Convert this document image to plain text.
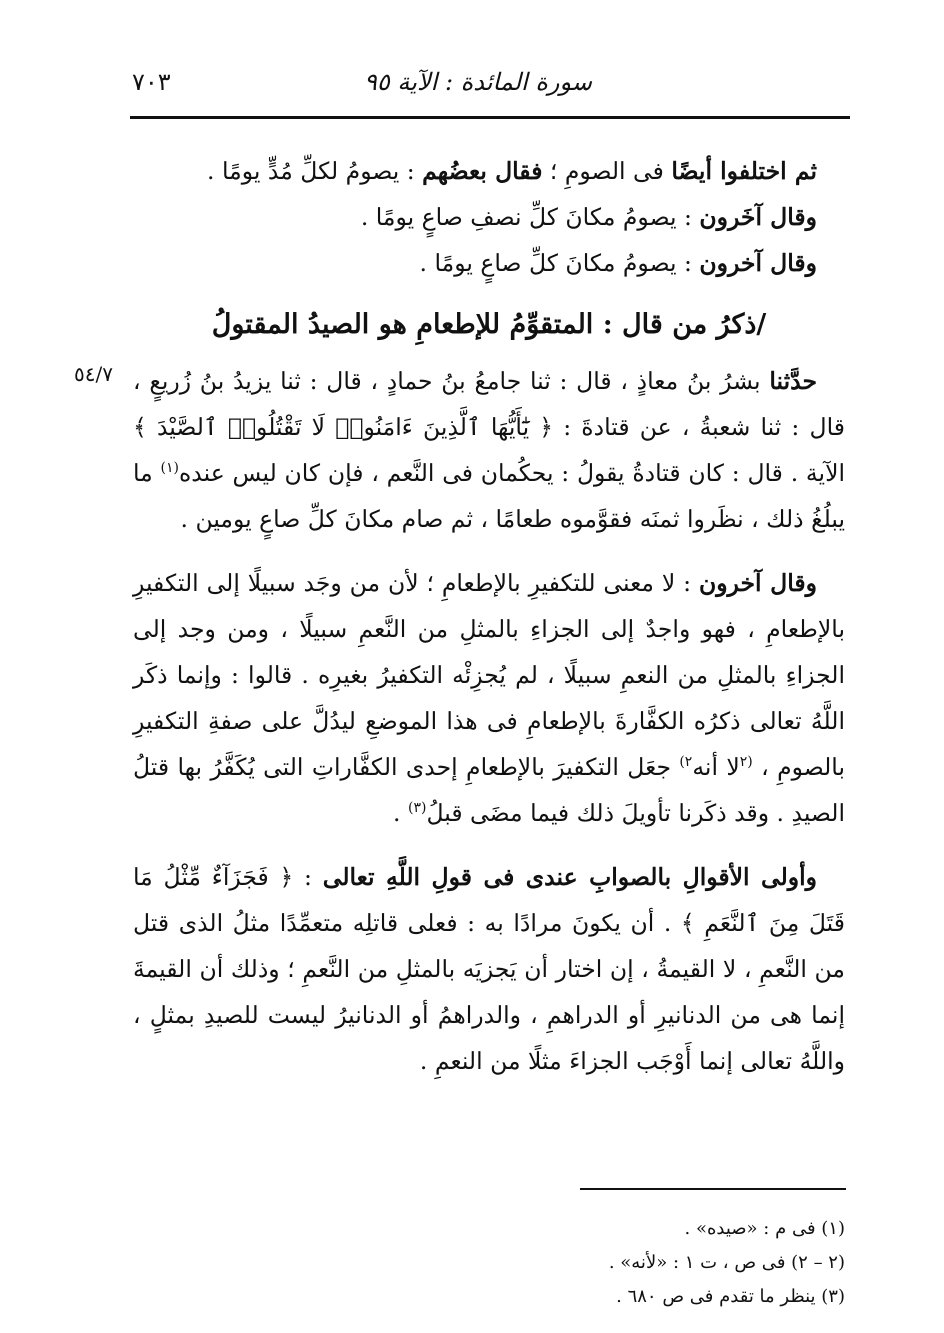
سورة المائدة : الآية ٩٥
٧٠٣
٥٤/٧

ثم اختلفوا أيضًا فى الصومِ ؛ فقال بعضُهم : يصومُ لكلِّ مُدٍّ يومًا .

وقال آخَرون : يصومُ مكانَ كلِّ نصفِ صاعٍ يومًا .

وقال آخرون : يصومُ مكانَ كلِّ صاعٍ يومًا .

/ذكرُ من قال : المتقوِّمُ للإطعامِ هو الصيدُ المقتولُ

حدَّثنا بشرُ بنُ معاذٍ ، قال : ثنا جامعُ بنُ حمادٍ ، قال : ثنا يزيدُ بنُ زُريعٍ ، قال : ثنا شعبةُ ، عن قتادةَ : ﴿ يَٰٓأَيُّهَا ٱلَّذِينَ ءَامَنُوا۟ لَا تَقْتُلُوا۟ ٱلصَّيْدَ ﴾ الآية . قال : كان قتادةُ يقولُ : يحكُمان فى النَّعم ، فإن كان ليس عنده$^{(١)}$ ما يبلُغُ ذلك ، نظَروا ثمنَه فقوَّموه طعامًا ، ثم صام مكانَ كلِّ صاعٍ يومين .

وقال آخرون : لا معنى للتكفيرِ بالإطعامِ ؛ لأن من وجَد سبيلًا إلى التكفيرِ بالإطعامِ ، فهو واجدٌ إلى الجزاءِ بالمثلِ من النَّعمِ سبيلًا ، ومن وجد إلى الجزاءِ بالمثلِ من النعمِ سبيلًا ، لم يُجزِئْه التكفيرُ بغيرِه . قالوا : وإنما ذكَر اللَّهُ تعالى ذكرُه الكفَّارةَ بالإطعامِ فى هذا الموضعِ ليدُلَّ على صفةِ التكفيرِ بالصومِ ، $^{(٢}$لا أنه$^{٢)}$ جعَل التكفيرَ بالإطعامِ إحدى الكفَّاراتِ التى يُكَفَّرُ بها قتلُ الصيدِ . وقد ذكَرنا تأويلَ ذلك فيما مضَى قبلُ$^{(٣)}$ .

وأولى الأقوالِ بالصوابِ عندى فى قولِ اللَّهِ تعالى : ﴿ فَجَزَآءٌ مِّثْلُ مَا قَتَلَ مِنَ ٱلنَّعَمِ ﴾ . أن يكونَ مرادًا به : فعلى قاتلِه متعمِّدًا مثلُ الذى قتل من النَّعمِ ، لا القيمةُ ، إن اختار أن يَجزيَه بالمثلِ من النَّعمِ ؛ وذلك أن القيمةَ إنما هى من الدنانيرِ أو الدراهمِ ، والدراهمُ أو الدنانيرُ ليست للصيدِ بمثلٍ ، واللَّهُ تعالى إنما أَوْجَب الجزاءَ مثلًا من النعمِ .

(١) فى م : «صيده» .

(٢ – ٢) فى ص ، ت ١ : «لأنه» .

(٣) ينظر ما تقدم فى ص ٦٨٠ .
